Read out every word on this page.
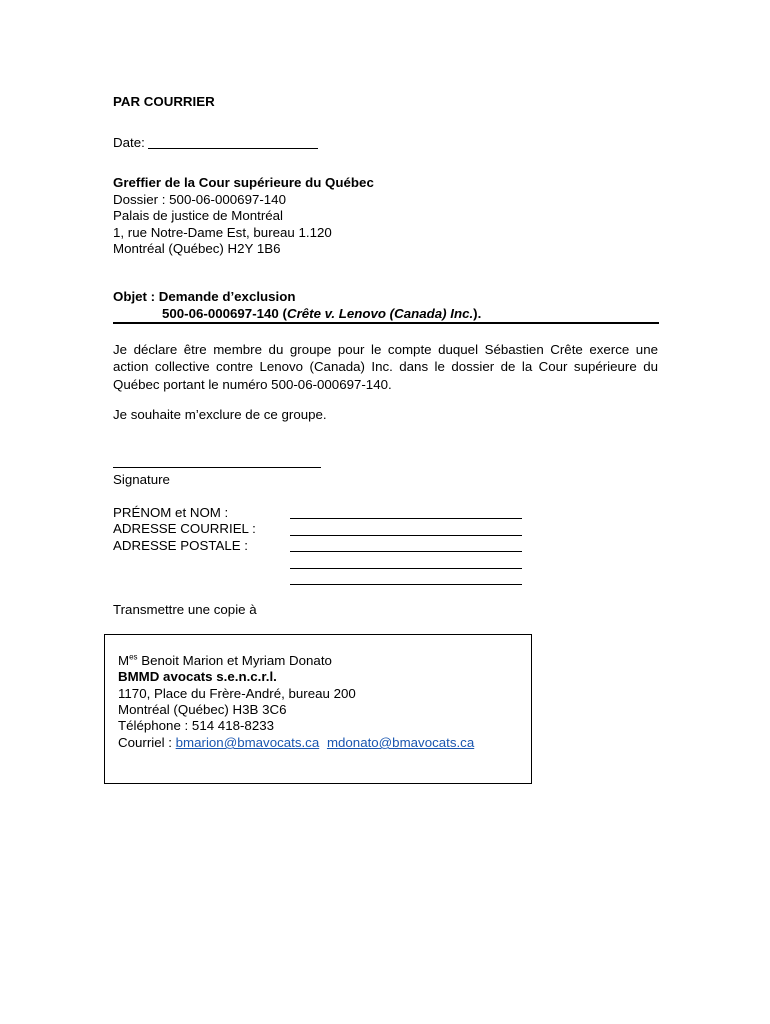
PAR COURRIER
Date:
Greffier de la Cour supérieure du Québec
Dossier : 500-06-000697-140
Palais de justice de Montréal
1, rue Notre-Dame Est, bureau 1.120
Montréal (Québec) H2Y 1B6
Objet : Demande d’exclusion
500-06-000697-140 (Crête v. Lenovo (Canada) Inc.).
Je déclare être membre du groupe pour le compte duquel Sébastien Crête exerce une
action collective contre Lenovo (Canada) Inc. dans le dossier de la Cour supérieure du
Québec portant le numéro 500-06-000697-140.
Je souhaite m’exclure de ce groupe.
Signature
PRÉNOM et NOM :
ADRESSE COURRIEL :
ADRESSE POSTALE :
Transmettre une copie à
$M^{es}$ Benoit Marion et Myriam Donato
BMMD avocats s.e.n.c.r.l.
1170, Place du Frère-André, bureau 200
Montréal (Québec) H3B 3C6
Téléphone : 514 418-8233
Courriel : bmarion@bmavocats.ca mdonato@bmavocats.ca
